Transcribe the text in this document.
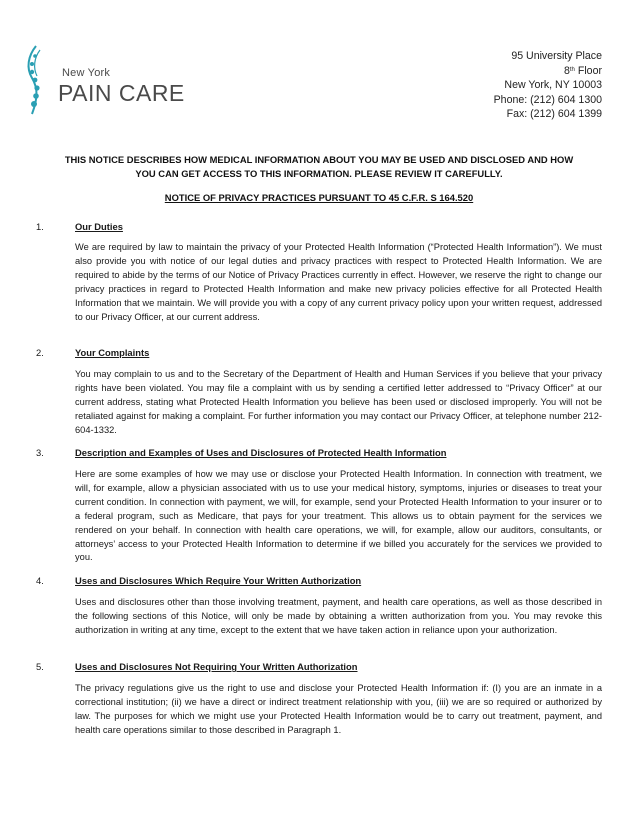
New York
PAIN CARE
95 University Place
8th Floor
New York, NY 10003
Phone: (212) 604 1300
Fax: (212) 604 1399
THIS NOTICE DESCRIBES HOW MEDICAL INFORMATION ABOUT YOU MAY BE USED AND DISCLOSED AND HOW
YOU CAN GET ACCESS TO THIS INFORMATION. PLEASE REVIEW IT CAREFULLY.
NOTICE OF PRIVACY PRACTICES PURSUANT TO 45 C.F.R. S 164.520
1.	Our Duties
We are required by law to maintain the privacy of your Protected Health Information (“Protected Health Information”). We must also provide you with notice of our legal duties and privacy practices with respect to Protected Health Information. We are required to abide by the terms of our Notice of Privacy Practices currently in effect. However, we reserve the right to change our privacy practices in regard to Protected Health Information and make new privacy policies effective for all Protected Health Information that we maintain. We will provide you with a copy of any current privacy policy upon your written request, addressed to our Privacy Officer, at our current address.
2.	Your Complaints
You may complain to us and to the Secretary of the Department of Health and Human Services if you believe that your privacy rights have been violated. You may file a complaint with us by sending a certified letter addressed to “Privacy Officer” at our current address, stating what Protected Health Information you believe has been used or disclosed improperly. You will not be retaliated against for making a complaint. For further information you may contact our Privacy Officer, at telephone number 212-604-1332.
3.	Description and Examples of Uses and Disclosures of Protected Health Information
Here are some examples of how we may use or disclose your Protected Health Information. In connection with treatment, we will, for example, allow a physician associated with us to use your medical history, symptoms, injuries or diseases to treat your current condition. In connection with payment, we will, for example, send your Protected Health Information to your insurer or to a federal program, such as Medicare, that pays for your treatment. This allows us to obtain payment for the services we rendered on your behalf. In connection with health care operations, we will, for example, allow our auditors, consultants, or attorneys’ access to your Protected Health Information to determine if we billed you accurately for the services we provided to you.
4.	Uses and Disclosures Which Require Your Written Authorization
Uses and disclosures other than those involving treatment, payment, and health care operations, as well as those described in the following sections of this Notice, will only be made by obtaining a written authorization from you. You may revoke this authorization in writing at any time, except to the extent that we have taken action in reliance upon your authorization.
5.	Uses and Disclosures Not Requiring Your Written Authorization
The privacy regulations give us the right to use and disclose your Protected Health Information if: (I) you are an inmate in a correctional institution; (ii) we have a direct or indirect treatment relationship with you, (iii) we are so required or authorized by law. The purposes for which we might use your Protected Health Information would be to carry out treatment, payment, and health care operations similar to those described in Paragraph 1.
